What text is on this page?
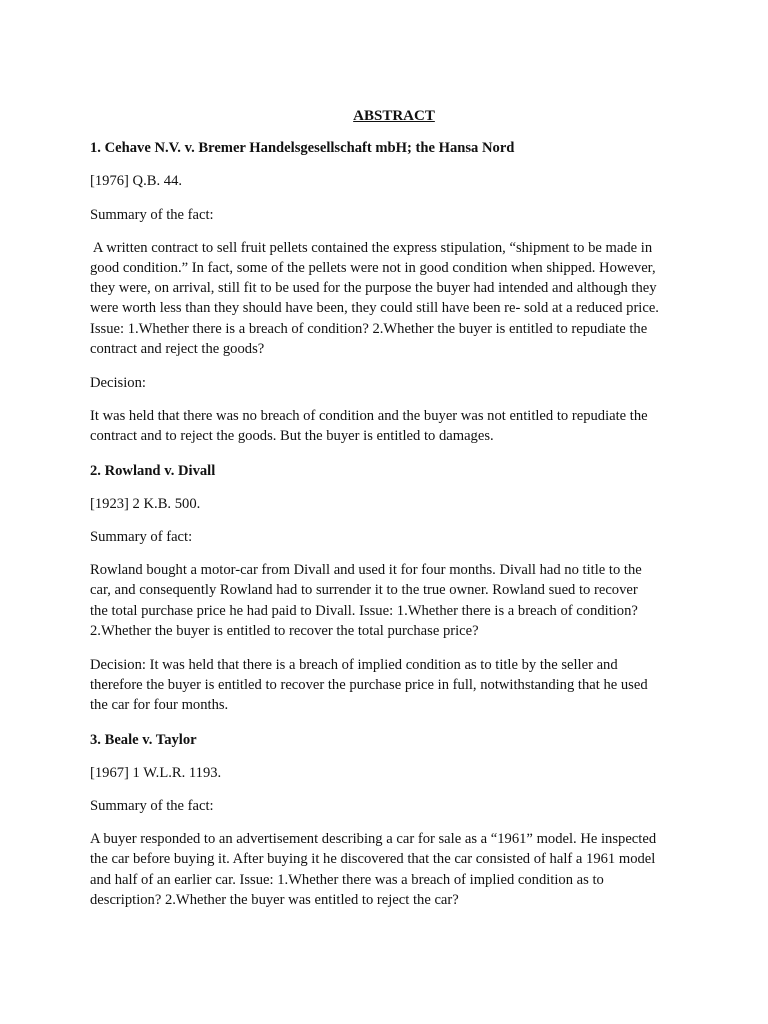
ABSTRACT
1. Cehave N.V. v. Bremer Handelsgesellschaft mbH; the Hansa Nord
[1976] Q.B. 44.
Summary of the fact:
A written contract to sell fruit pellets contained the express stipulation, “shipment to be made in
good condition.” In fact, some of the pellets were not in good condition when shipped. However,
they were, on arrival, still fit to be used for the purpose the buyer had intended and although they
were worth less than they should have been, they could still have been re- sold at a reduced price.
Issue: 1.Whether there is a breach of condition? 2.Whether the buyer is entitled to repudiate the
contract and reject the goods?
Decision:
It was held that there was no breach of condition and the buyer was not entitled to repudiate the
contract and to reject the goods. But the buyer is entitled to damages.
2. Rowland v. Divall
[1923] 2 K.B. 500.
Summary of fact:
Rowland bought a motor-car from Divall and used it for four months. Divall had no title to the
car, and consequently Rowland had to surrender it to the true owner. Rowland sued to recover
the total purchase price he had paid to Divall. Issue: 1.Whether there is a breach of condition?
2.Whether the buyer is entitled to recover the total purchase price?
Decision: It was held that there is a breach of implied condition as to title by the seller and
therefore the buyer is entitled to recover the purchase price in full, notwithstanding that he used
the car for four months.
3. Beale v. Taylor
[1967] 1 W.L.R. 1193.
Summary of the fact:
A buyer responded to an advertisement describing a car for sale as a “1961” model. He inspected
the car before buying it. After buying it he discovered that the car consisted of half a 1961 model
and half of an earlier car. Issue: 1.Whether there was a breach of implied condition as to
description? 2.Whether the buyer was entitled to reject the car?
